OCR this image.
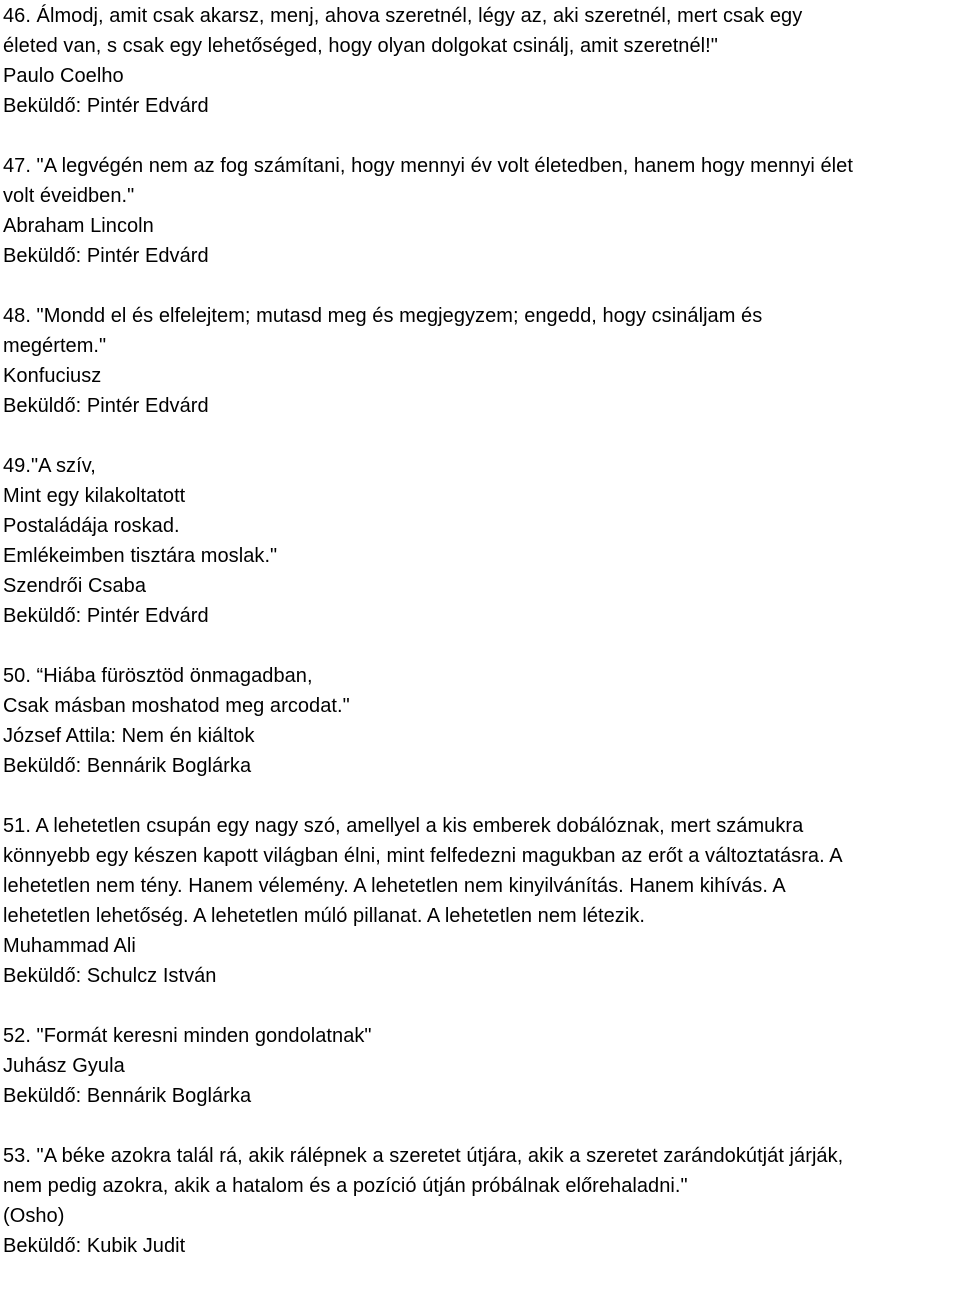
46. Álmodj, amit csak akarsz, menj, ahova szeretnél, légy az, aki szeretnél, mert csak egy
életed van, s csak egy lehetőséged, hogy olyan dolgokat csinálj, amit szeretnél!"
Paulo Coelho
Beküldő: Pintér Edvárd
47. "A legvégén nem az fog számítani, hogy mennyi év volt életedben, hanem hogy mennyi élet
volt éveidben."
Abraham Lincoln
Beküldő: Pintér Edvárd
48. "Mondd el és elfelejtem; mutasd meg és megjegyzem; engedd, hogy csináljam és
megértem."
Konfuciusz
Beküldő: Pintér Edvárd
49."A szív,
Mint egy kilakoltatott
Postaládája roskad.
Emlékeimben tisztára moslak."
Szendrői Csaba
Beküldő: Pintér Edvárd
50. “Hiába fürösztöd önmagadban,
Csak másban moshatod meg arcodat."
József Attila: Nem én kiáltok
Beküldő: Bennárik Boglárka
51. A lehetetlen csupán egy nagy szó, amellyel a kis emberek dobálóznak, mert számukra
könnyebb egy készen kapott világban élni, mint felfedezni magukban az erőt a változtatásra. A
lehetetlen nem tény. Hanem vélemény. A lehetetlen nem kinyilvánítás. Hanem kihívás. A
lehetetlen lehetőség. A lehetetlen múló pillanat. A lehetetlen nem létezik.
Muhammad Ali
Beküldő: Schulcz István
52. "Formát keresni minden gondolatnak"
Juhász Gyula
Beküldő: Bennárik Boglárka
53. "A béke azokra talál rá, akik rálépnek a szeretet útjára, akik a szeretet zarándokútját járják,
nem pedig azokra, akik a hatalom és a pozíció útján próbálnak előrehaladni."
(Osho)
Beküldő: Kubik Judit
